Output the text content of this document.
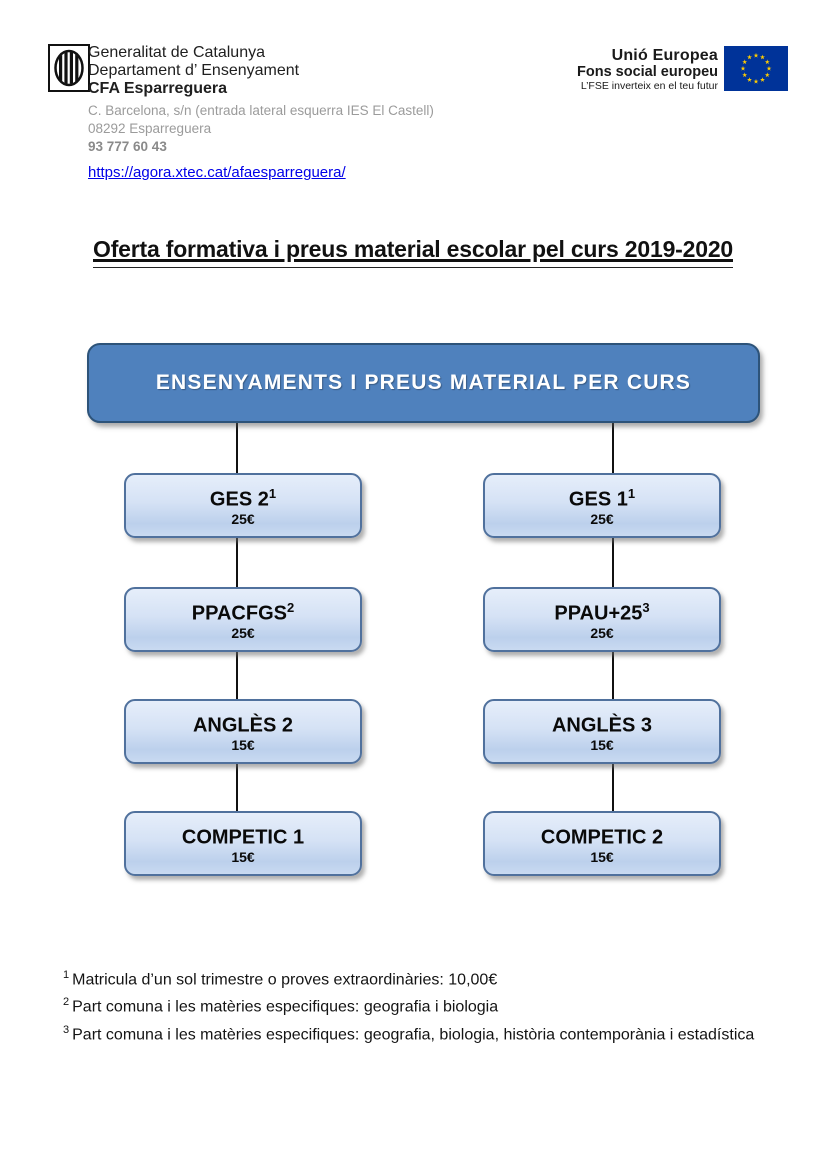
Generalitat de Catalunya
Departament d’ Ensenyament
CFA Esparreguera
C. Barcelona, s/n (entrada lateral esquerra IES El Castell)
08292 Esparreguera
93 777 60 43
https://agora.xtec.cat/afaesparreguera/
Unió Europea
Fons social europeu
L’FSE inverteix en el teu futur
Oferta formativa i preus material escolar pel curs 2019-2020
ENSENYAMENTS I PREUS MATERIAL PER CURS
GES $2^1$
25€
PPACFGS$^2$
25€
ANGLÈS 2
15€
COMPETIC 1
15€
GES $1^1$
25€
$PPAU+25^3$
25€
ANGLÈS 3
15€
COMPETIC 2
15€
$^1$ Matricula d’un sol trimestre o proves extraordinàries: 10,00€
$^2$ Part comuna i les matèries especifiques: geografia i biologia
$^3$ Part comuna i les matèries especifiques: geografia, biologia, història contemporània i estadística
